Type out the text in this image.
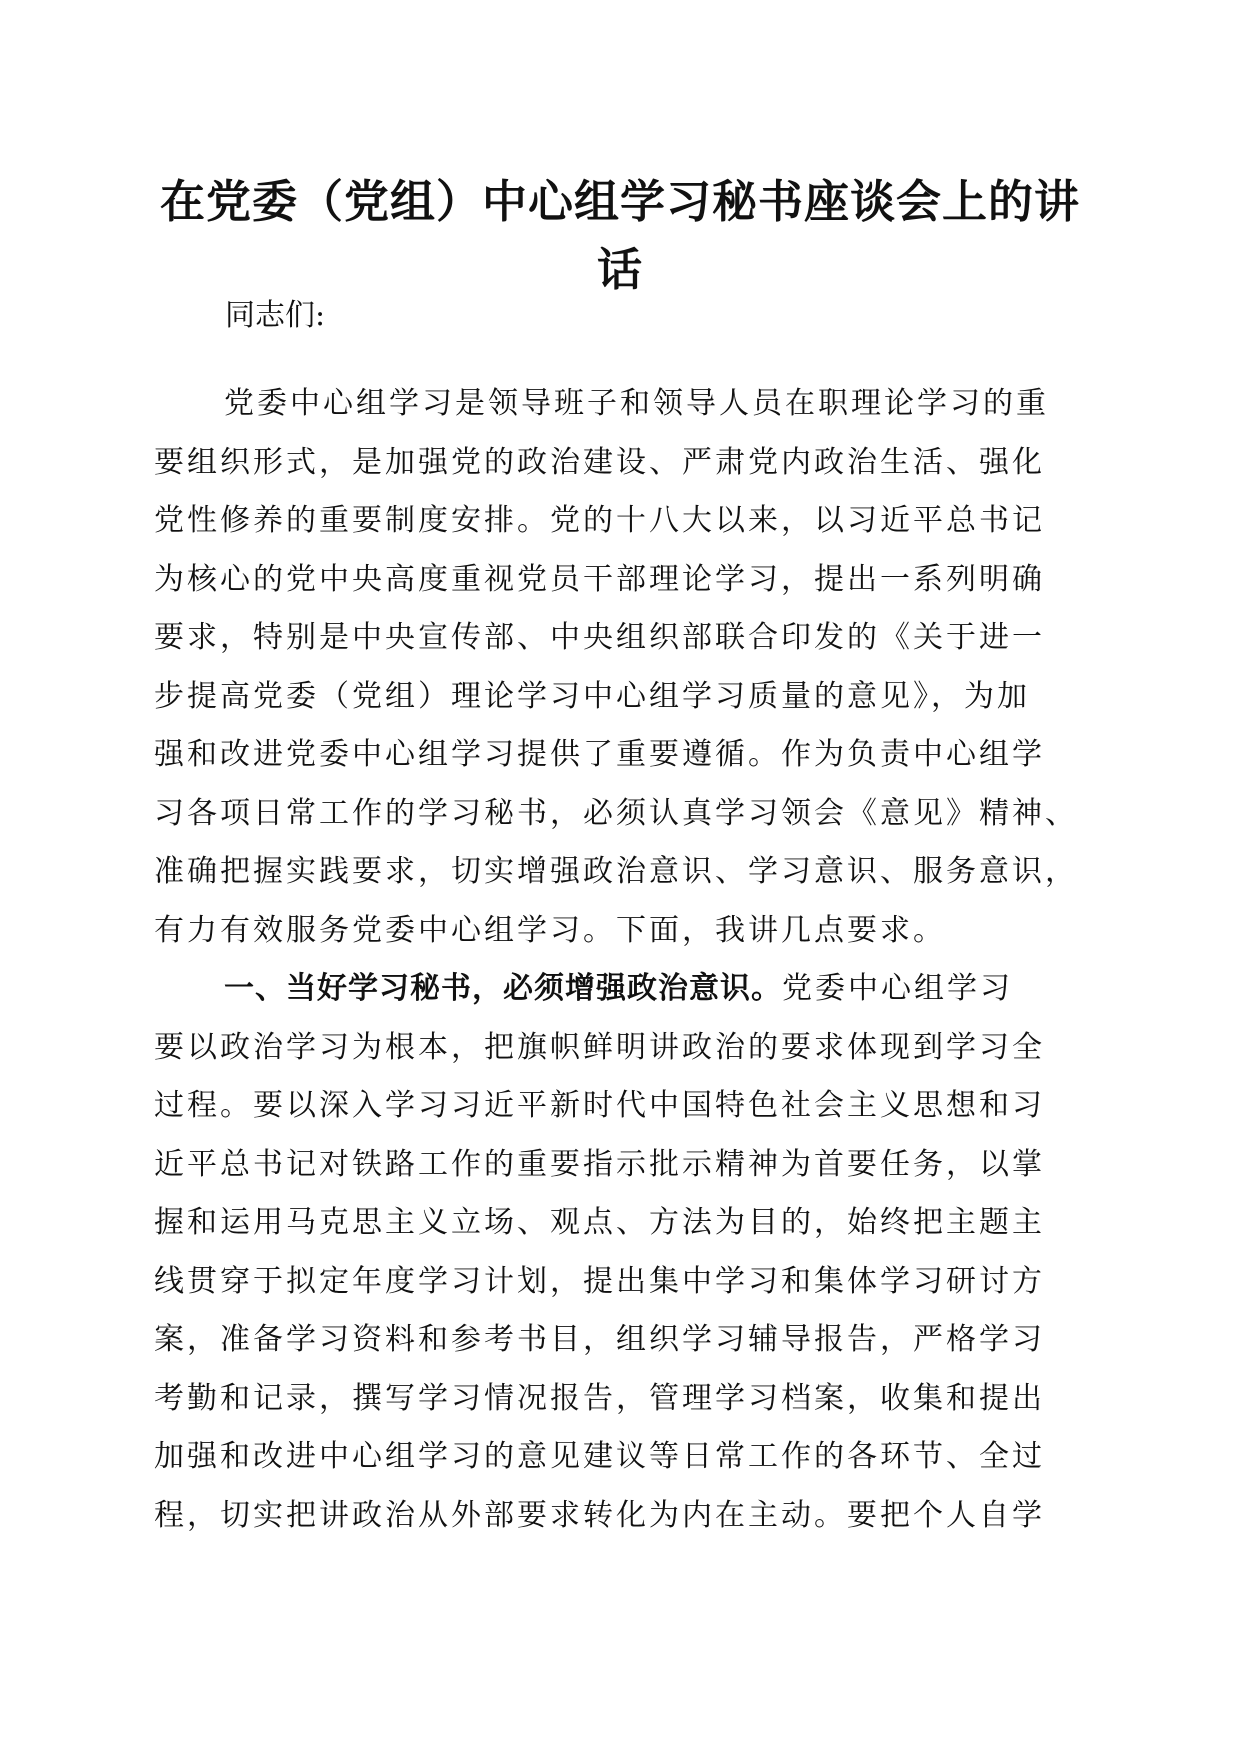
在党委（党组）中心组学习秘书座谈会上的讲
话

同志们:

党委中心组学习是领导班子和领导人员在职理论学习的重
要组织形式，是加强党的政治建设、严肃党内政治生活、强化
党性修养的重要制度安排。党的十八大以来，以习近平总书记
为核心的党中央高度重视党员干部理论学习，提出一系列明确
要求，特别是中央宣传部、中央组织部联合印发的《关于进一
步提高党委（党组）理论学习中心组学习质量的意见》，为加
强和改进党委中心组学习提供了重要遵循。作为负责中心组学
习各项日常工作的学习秘书，必须认真学习领会《意见》精神、
准确把握实践要求，切实增强政治意识、学习意识、服务意识，
有力有效服务党委中心组学习。下面，我讲几点要求。
一、当好学习秘书，必须增强政治意识。党委中心组学习
要以政治学习为根本，把旗帜鲜明讲政治的要求体现到学习全
过程。要以深入学习习近平新时代中国特色社会主义思想和习
近平总书记对铁路工作的重要指示批示精神为首要任务，以掌
握和运用马克思主义立场、观点、方法为目的，始终把主题主
线贯穿于拟定年度学习计划，提出集中学习和集体学习研讨方
案，准备学习资料和参考书目，组织学习辅导报告，严格学习
考勤和记录，撰写学习情况报告，管理学习档案，收集和提出
加强和改进中心组学习的意见建议等日常工作的各环节、全过
程，切实把讲政治从外部要求转化为内在主动。要把个人自学
